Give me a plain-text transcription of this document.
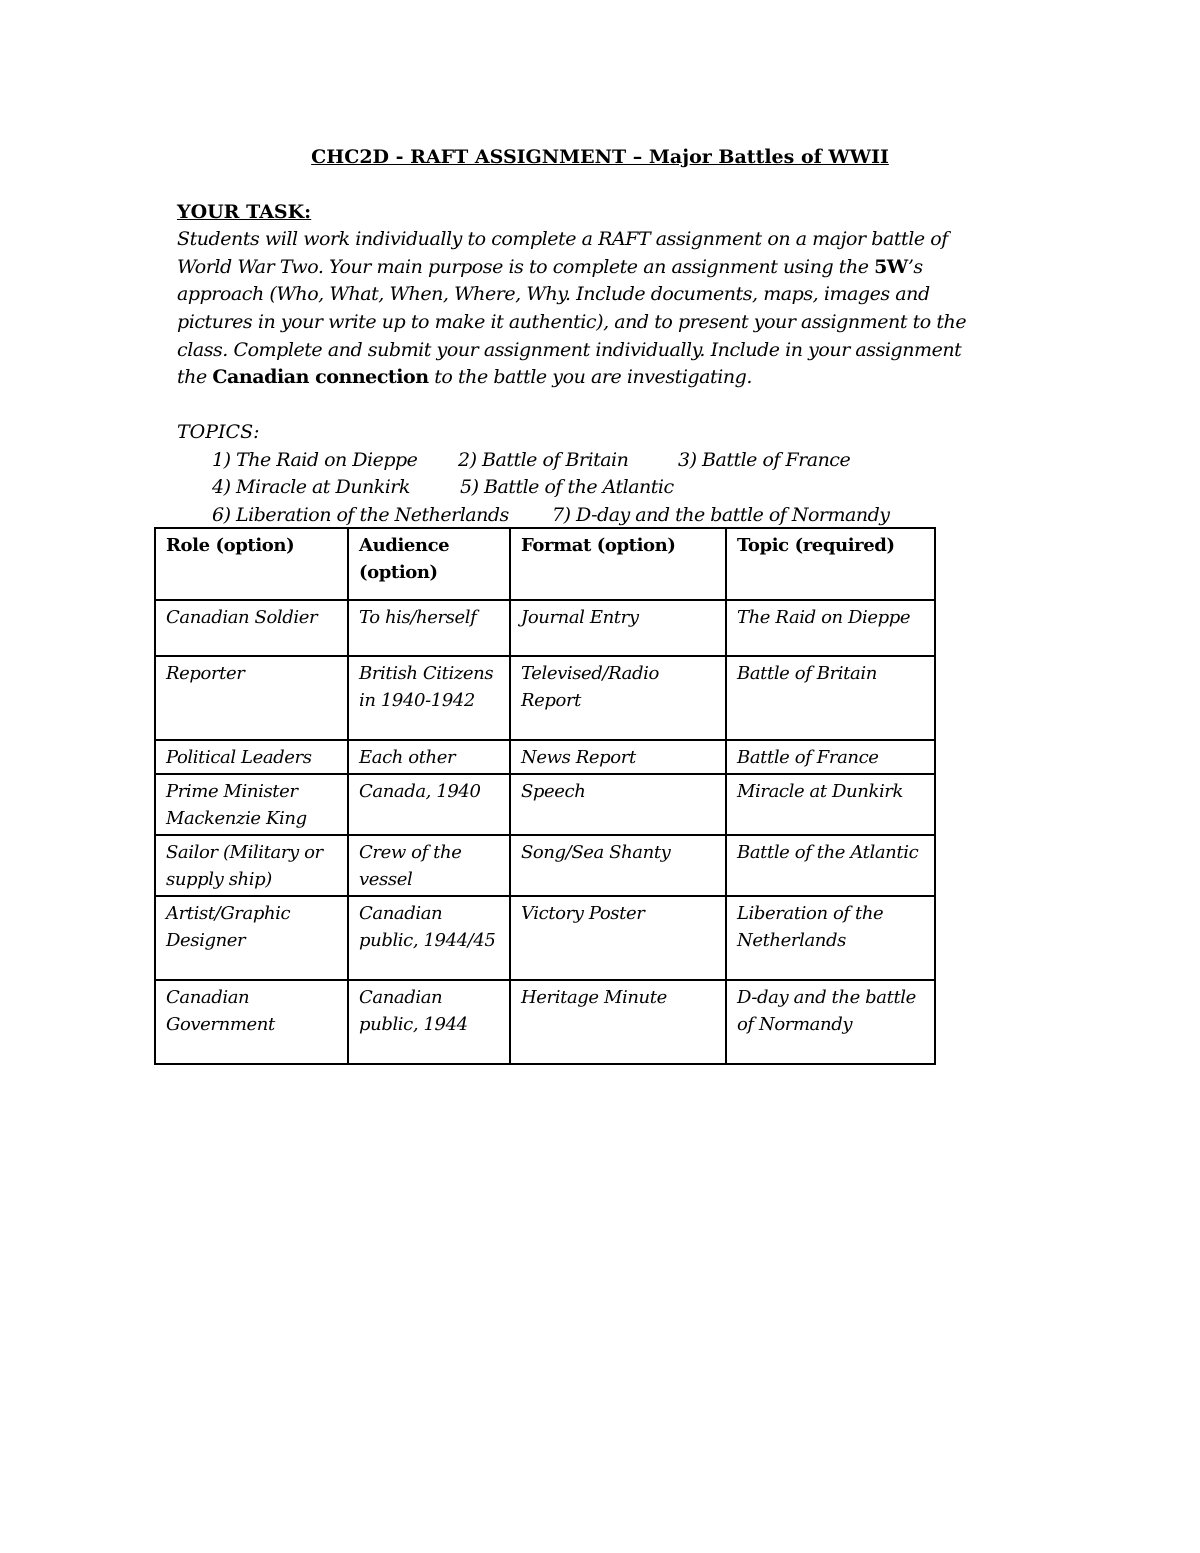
CHC2D - RAFT ASSIGNMENT – Major Battles of WWII
YOUR TASK:
Students will work individually to complete a RAFT assignment on a major battle of
World War Two. Your main purpose is to complete an assignment using the 5W’s
approach (Who, What, When, Where, Why. Include documents, maps, images and
pictures in your write up to make it authentic), and to present your assignment to the
class. Complete and submit your assignment individually. Include in your assignment
the Canadian connection to the battle you are investigating.
TOPICS:
1) The Raid on Dieppe 2) Battle of Britain	3) Battle of France
4) Miracle at Dunkirk	5) Battle of the Atlantic
6) Liberation of the Netherlands 7) D-day and the battle of Normandy
Role (option)	Audience (option)	Format (option)	Topic (required)
Canadian Soldier	To his/herself	Journal Entry	The Raid on Dieppe
Reporter	British Citizens in 1940-1942	Televised/Radio Report	Battle of Britain
Political Leaders	Each other	News Report	Battle of France
Prime Minister Mackenzie King	Canada, 1940	Speech	Miracle at Dunkirk
Sailor (Military or supply ship)	Crew of the vessel	Song/Sea Shanty	Battle of the Atlantic
Artist/Graphic Designer	Canadian public, 1944/45	Victory Poster	Liberation of the Netherlands
Canadian Government	Canadian public, 1944	Heritage Minute	D-day and the battle of Normandy
